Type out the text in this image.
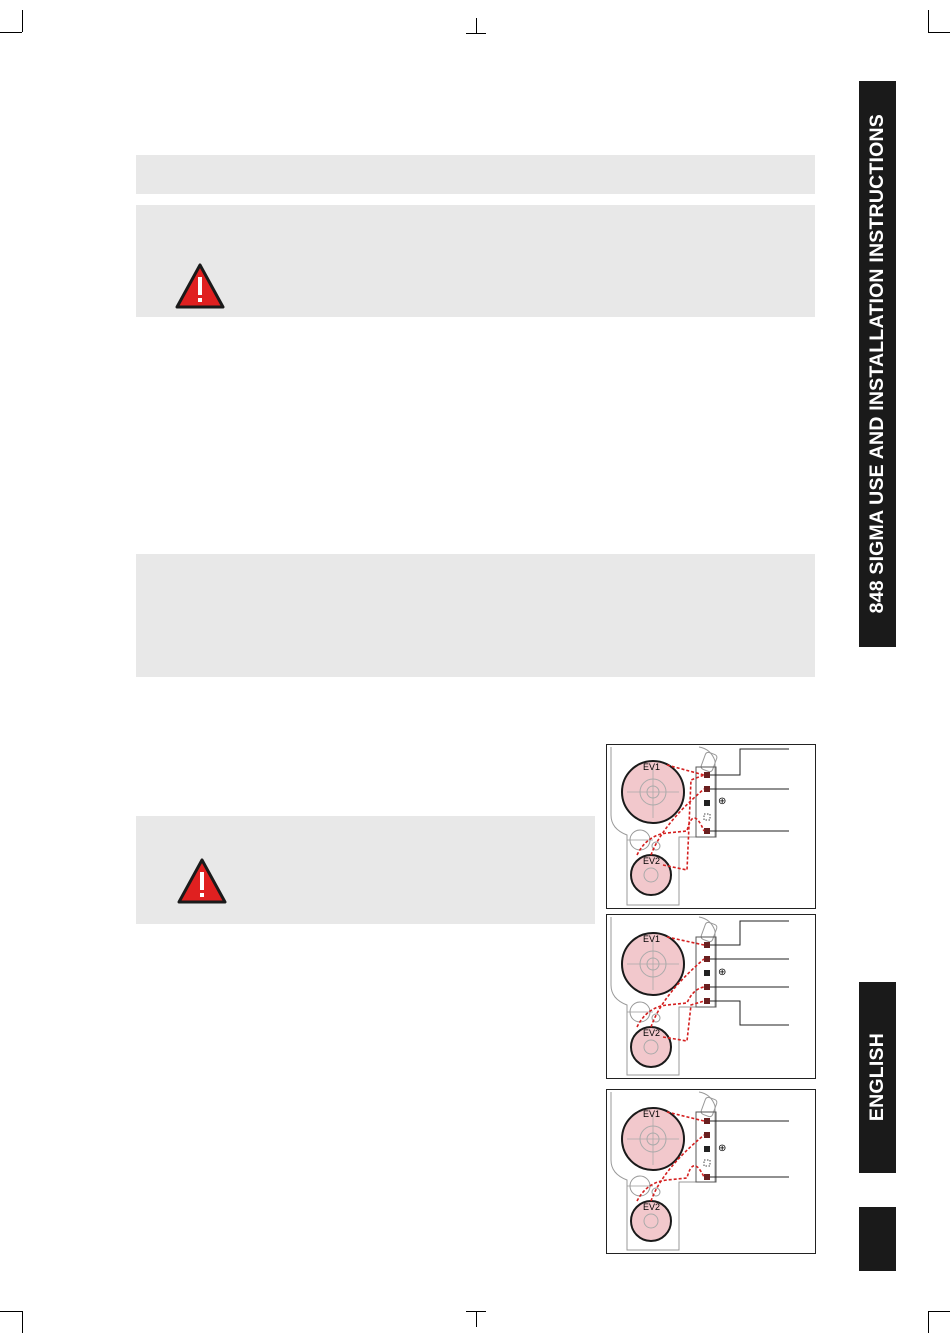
848 SIGMA USE AND INSTALLATION INSTRUCTIONS
ENGLISH
EV1
EV2
⊕
EV1
EV2
⊕
EV1
EV2
⊕
